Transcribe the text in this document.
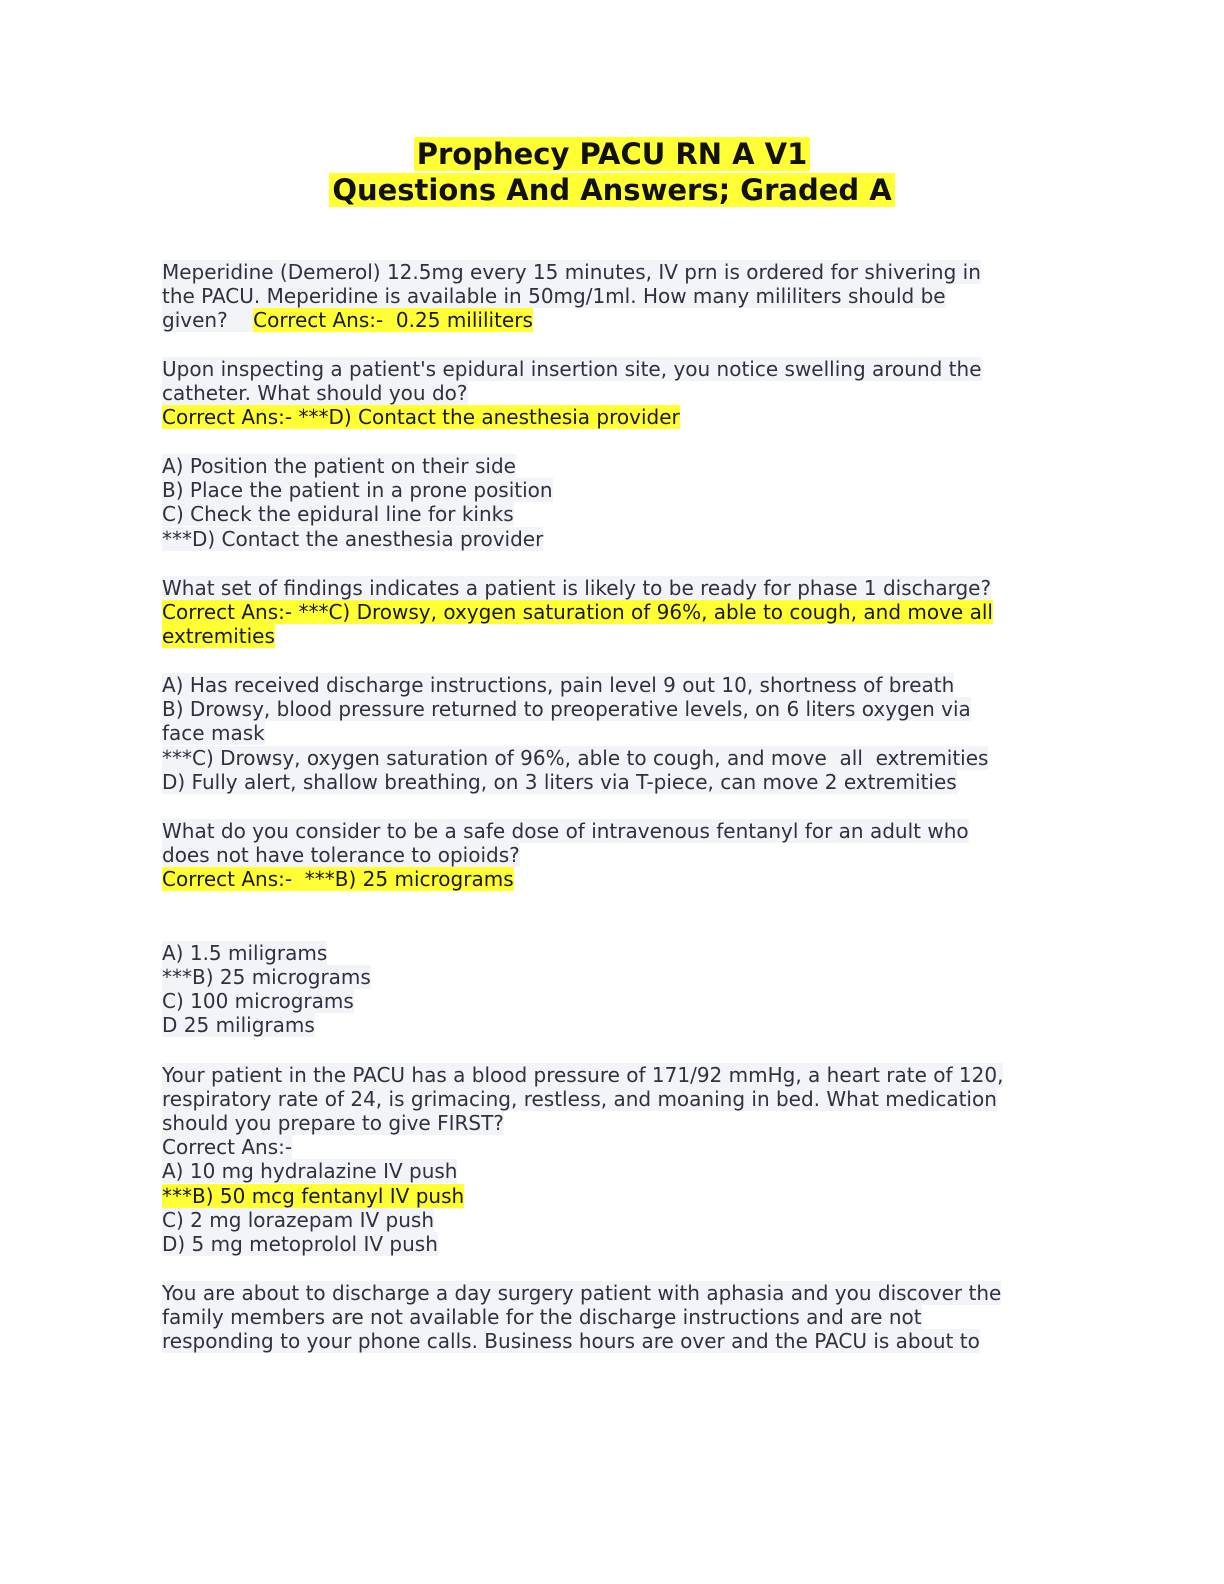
Prophecy PACU RN A V1
Questions And Answers; Graded A
Meperidine (Demerol) 12.5mg every 15 minutes, IV prn is ordered for shivering in
the PACU. Meperidine is available in 50mg/1ml. How many mililiters should be
given?    Correct Ans:-  0.25 mililiters
Upon inspecting a patient's epidural insertion site, you notice swelling around the
catheter. What should you do?
Correct Ans:- ***D) Contact the anesthesia provider
A) Position the patient on their side
B) Place the patient in a prone position
C) Check the epidural line for kinks
***D) Contact the anesthesia provider
What set of findings indicates a patient is likely to be ready for phase 1 discharge?
Correct Ans:- ***C) Drowsy, oxygen saturation of 96%, able to cough, and move all
extremities
A) Has received discharge instructions, pain level 9 out 10, shortness of breath
B) Drowsy, blood pressure returned to preoperative levels, on 6 liters oxygen via
face mask
***C) Drowsy, oxygen saturation of 96%, able to cough, and move  all  extremities
D) Fully alert, shallow breathing, on 3 liters via T-piece, can move 2 extremities
What do you consider to be a safe dose of intravenous fentanyl for an adult who
does not have tolerance to opioids?
Correct Ans:-  ***B) 25 micrograms
A) 1.5 miligrams
***B) 25 micrograms
C) 100 micrograms
D 25 miligrams
Your patient in the PACU has a blood pressure of 171/92 mmHg, a heart rate of 120,
respiratory rate of 24, is grimacing, restless, and moaning in bed. What medication
should you prepare to give FIRST?
Correct Ans:-
A) 10 mg hydralazine IV push
***B) 50 mcg fentanyl IV push
C) 2 mg lorazepam IV push
D) 5 mg metoprolol IV push
You are about to discharge a day surgery patient with aphasia and you discover the
family members are not available for the discharge instructions and are not
responding to your phone calls. Business hours are over and the PACU is about to
